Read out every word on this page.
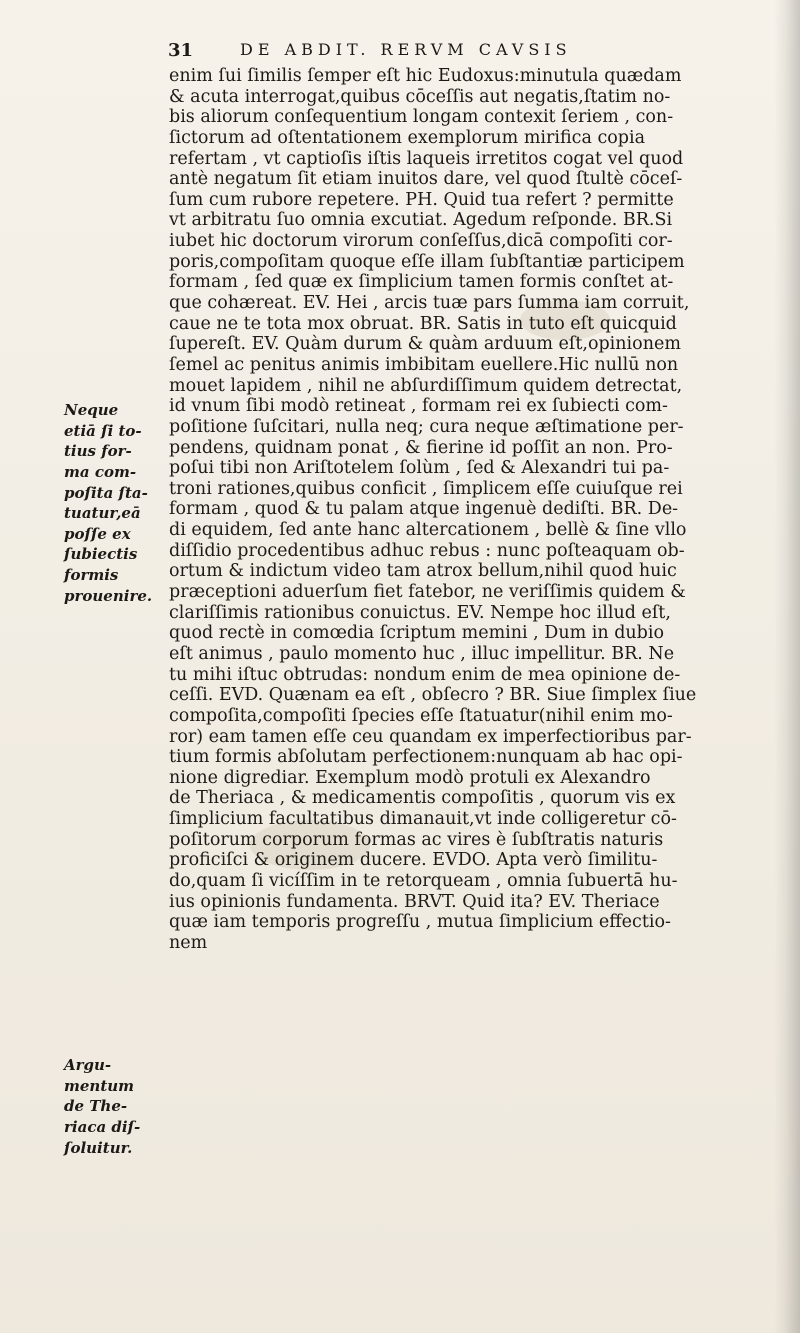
31	DE ABDIT. RERVM CAVSIS
enim ſui ſimilis ſemper eſt hic Eudoxus:minutula quædam
& acuta interrogat,quibus cōceſſis aut negatis,ſtatim no-
bis aliorum conſequentium longam contexit ſeriem , con-
ſictorum ad oſtentationem exemplorum mirifica copia
refertam , vt captioſis iſtis laqueis irretitos cogat vel quod
antè negatum ſit etiam inuitos dare, vel quod ſtultè cōceſ-
ſum cum rubore repetere. PH. Quid tua refert ? permitte
vt arbitratu ſuo omnia excutiat. Agedum reſponde. BR.Si
iubet hic doctorum virorum conſeſſus,dicā compoſiti cor-
poris,compoſitam quoque eſſe illam ſubſtantiæ participem
formam , ſed quæ ex ſimplicium tamen formis conſtet at-
que cohæreat. EV. Hei , arcis tuæ pars ſumma iam corruit,
caue ne te tota mox obruat. BR. Satis in tuto eſt quicquid
ſupereſt. EV. Quàm durum & quàm arduum eſt,opinionem
ſemel ac penitus animis imbibitam euellere.Hic nullū non
mouet lapidem , nihil ne abſurdiſſimum quidem detrectat,
id vnum ſibi modò retineat , formam rei ex ſubiecti com-
poſitione ſuſcitari, nulla neq; cura neque æſtimatione per-
pendens, quidnam ponat , & fierine id poſſit an non. Pro-
poſui tibi non Ariſtotelem ſolùm , ſed & Alexandri tui pa-
troni rationes,quibus conficit , ſimplicem eſſe cuiuſque rei
formam , quod & tu palam atque ingenuè dediſti. BR. De-
di equidem, ſed ante hanc altercationem , bellè & ſine vllo
diſſidio procedentibus adhuc rebus : nunc poſteaquam ob-
ortum & indictum video tam atrox bellum,nihil quod huic
præceptioni aduerſum fiet fatebor, ne veriſſimis quidem &
clariſſimis rationibus conuictus. EV. Nempe hoc illud eſt,
quod rectè in comœdia ſcriptum memini , Dum in dubio
eſt animus , paulo momento huc , illuc impellitur. BR. Ne
tu mihi iſtuc obtrudas: nondum enim de mea opinione de-
ceſſi. EVD. Quænam ea eſt , obſecro ? BR. Siue ſimplex ſiue
compoſita,compoſiti ſpecies eſſe ſtatuatur(nihil enim mo-
ror) eam tamen eſſe ceu quandam ex imperfectioribus par-
tium formis abſolutam perfectionem:nunquam ab hac opi-
nione digrediar. Exemplum modò protuli ex Alexandro
de Theriaca , & medicamentis compoſitis , quorum vis ex
ſimplicium facultatibus dimanauit,vt inde colligeretur cō-
poſitorum corporum formas ac vires è ſubſtratis naturis
proficiſci & originem ducere. EVDO. Apta verò ſimilitu-
do,quam ſi vicíſſim in te retorqueam , omnia ſubuertā hu-
ius opinionis fundamenta. BRVT. Quid ita? EV. Theriace
quæ iam temporis progreſſu , mutua ſimplicium effectio-
nem
Neque
etiā ſi to-
tius for-
ma com-
poſita ſta-
tuatur,eā
poſſe ex
ſubiectis
formis
prouenire.
Argu-
mentum
de The-
riaca diſ-
ſoluitur.
